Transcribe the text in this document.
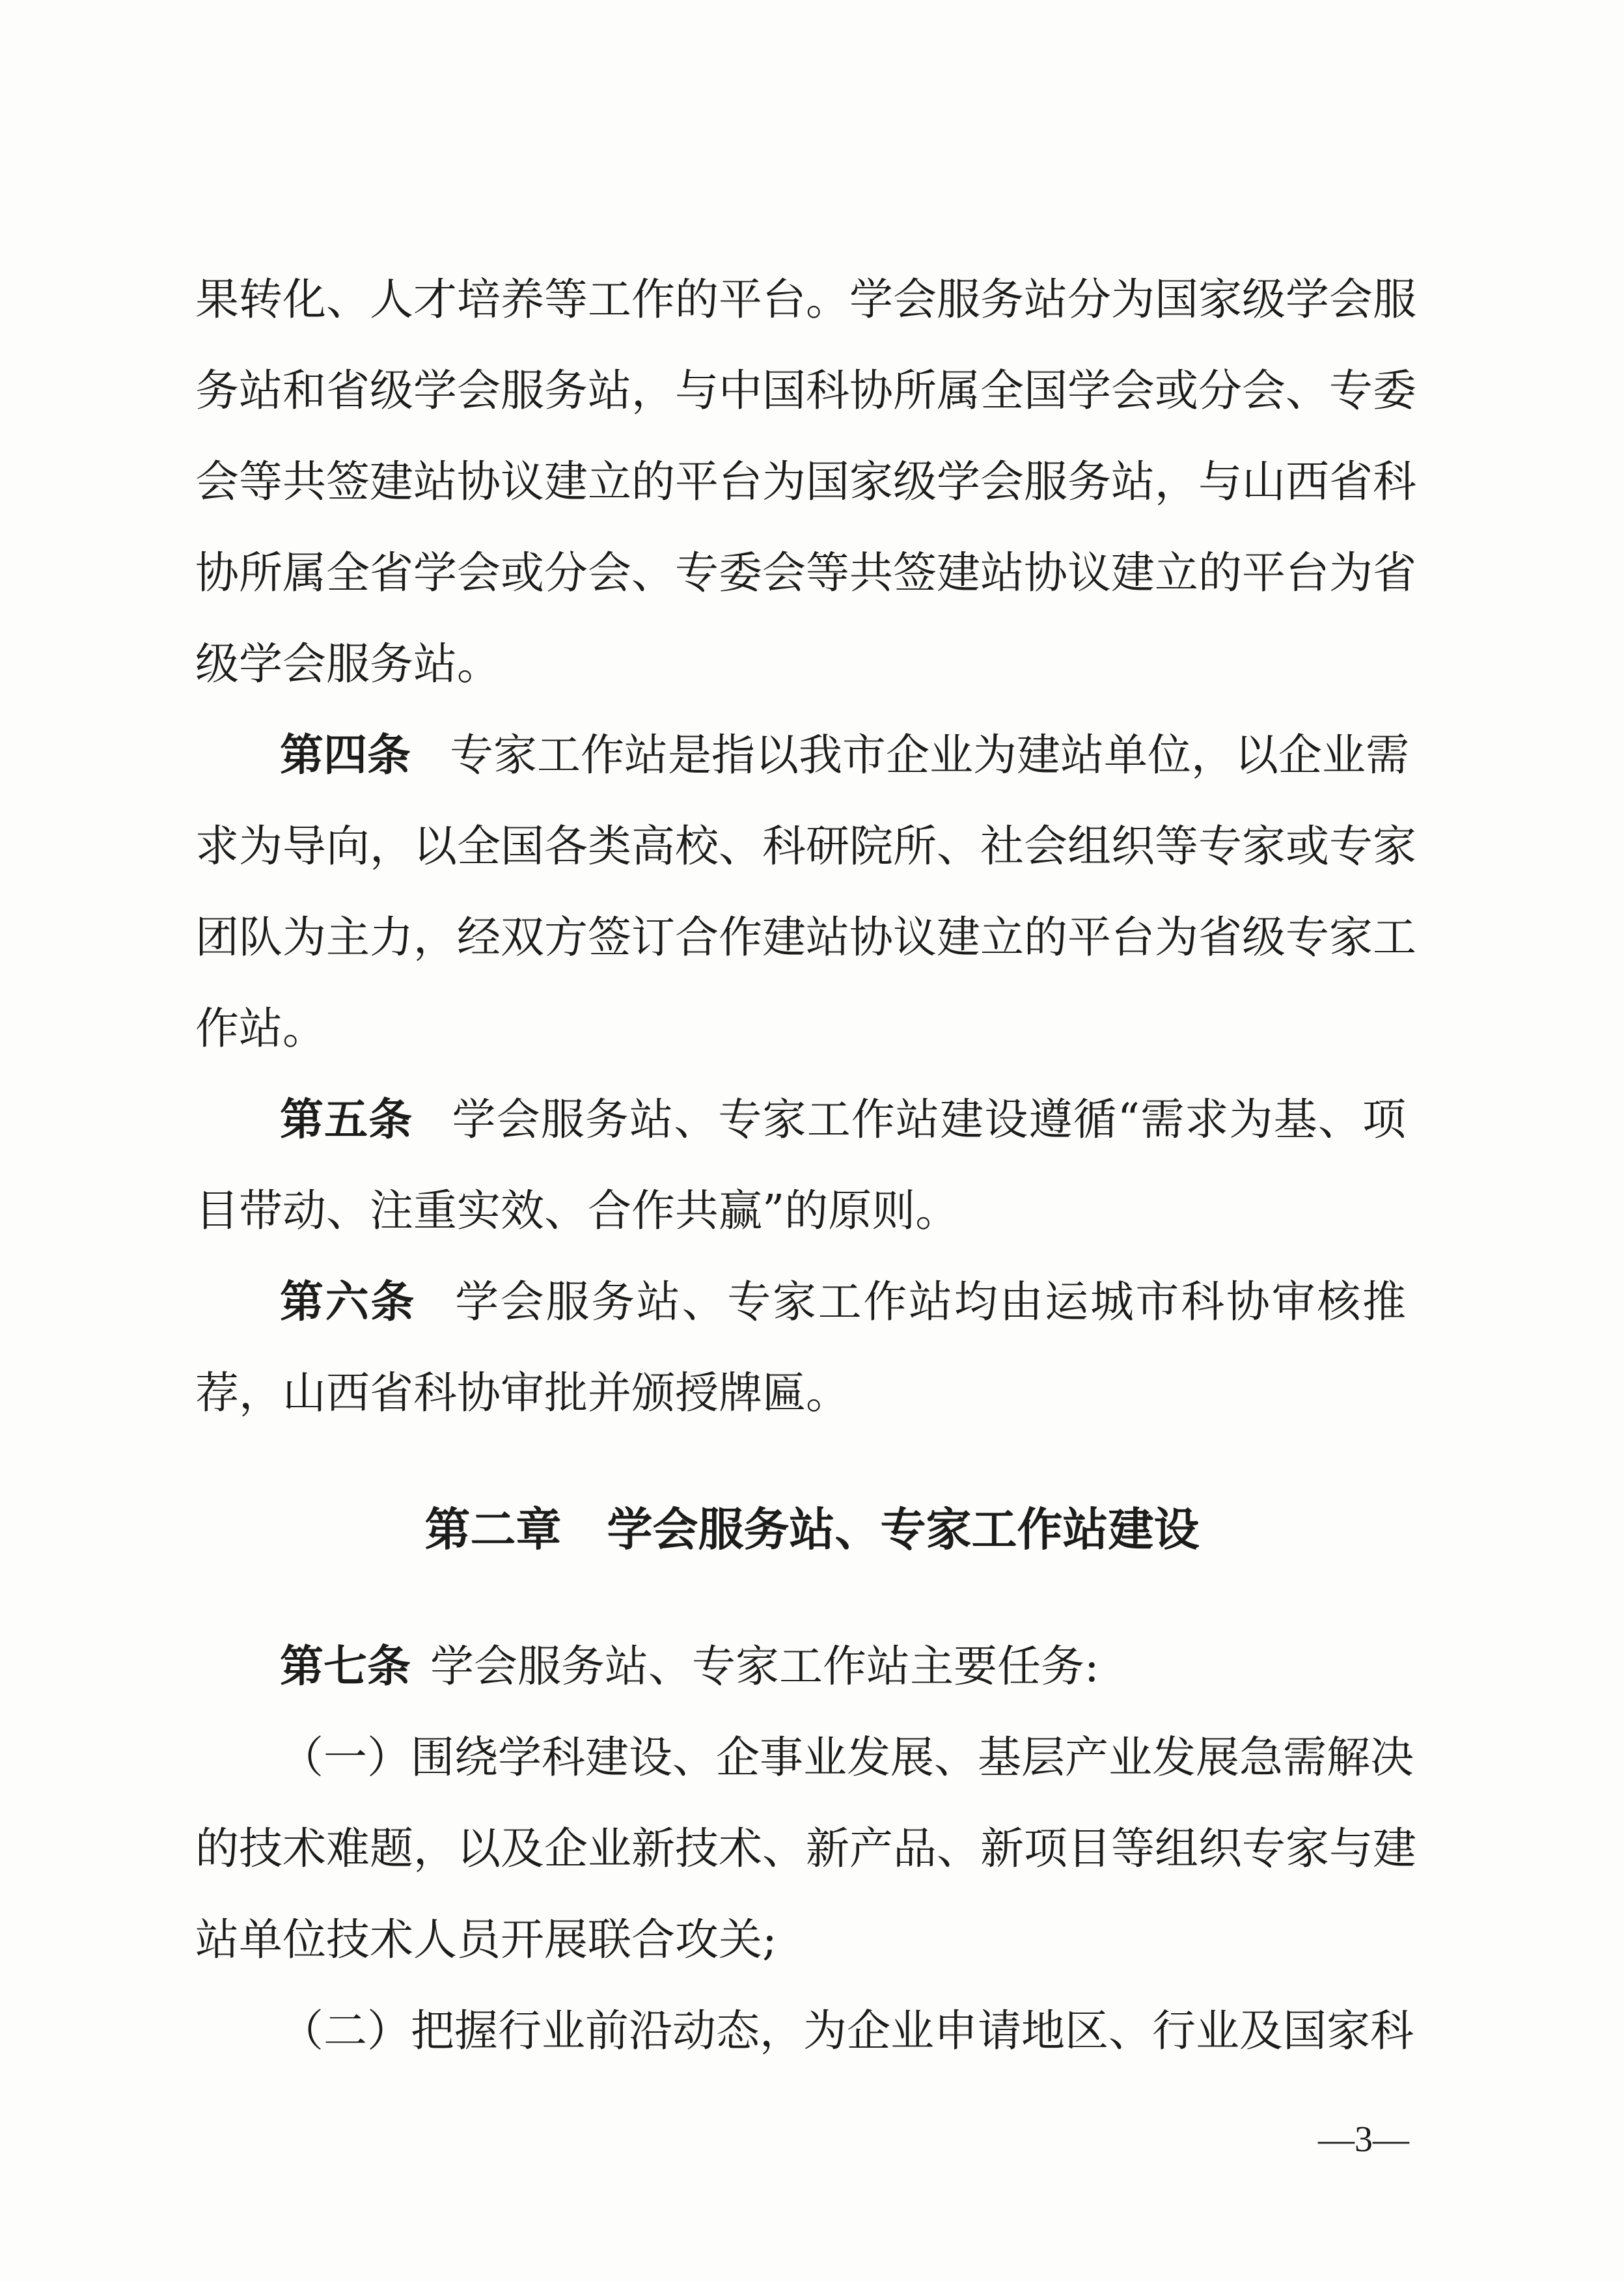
果转化、人才培养等工作的平台。学会服务站分为国家级学会服
务站和省级学会服务站，与中国科协所属全国学会或分会、专委
会等共签建站协议建立的平台为国家级学会服务站，与山西省科
协所属全省学会或分会、专委会等共签建站协议建立的平台为省
级学会服务站。
第四条 专家工作站是指以我市企业为建站单位，以企业需
求为导向，以全国各类高校、科研院所、社会组织等专家或专家
团队为主力，经双方签订合作建站协议建立的平台为省级专家工
作站。
第五条 学会服务站、专家工作站建设遵循“需求为基、项
目带动、注重实效、合作共赢”的原则。
第六条 学会服务站、专家工作站均由运城市科协审核推
荐，山西省科协审批并颁授牌匾。
第二章 学会服务站、专家工作站建设
第七条 学会服务站、专家工作站主要任务:
（一）围绕学科建设、企事业发展、基层产业发展急需解决
的技术难题，以及企业新技术、新产品、新项目等组织专家与建
站单位技术人员开展联合攻关;
（二）把握行业前沿动态，为企业申请地区、行业及国家科
—3—
